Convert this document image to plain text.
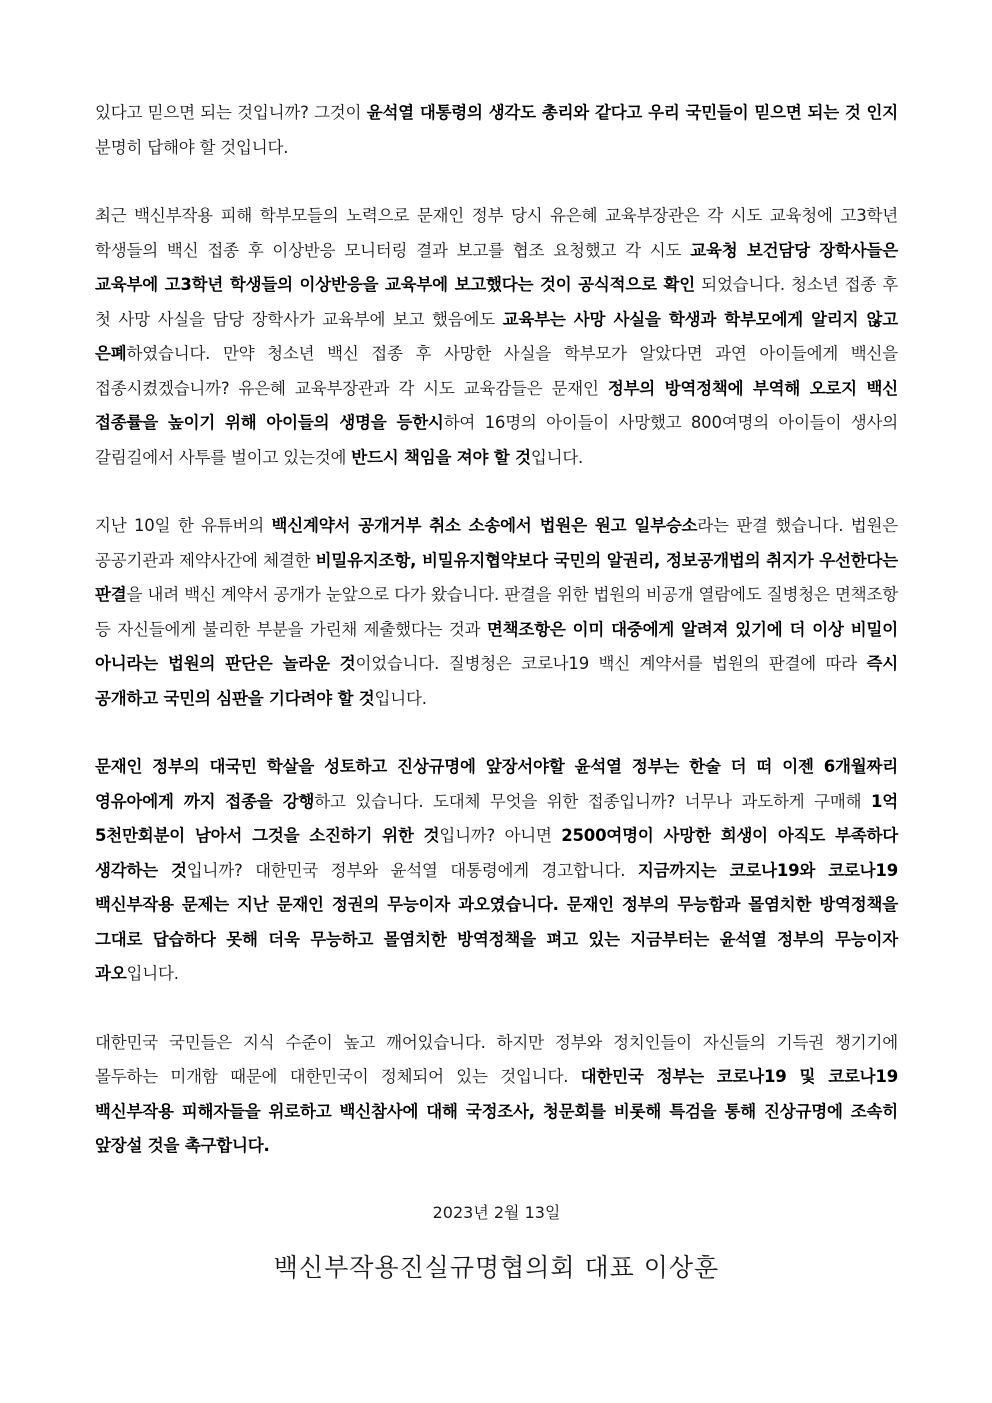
있다고 믿으면 되는 것입니까? 그것이 윤석열 대통령의 생각도 총리와 같다고 우리 국민들이 믿으면 되는 것 인지 분명히 답해야 할 것입니다.

최근 백신부작용 피해 학부모들의 노력으로 문재인 정부 당시 유은혜 교육부장관은 각 시도 교육청에 고3학년 학생들의 백신 접종 후 이상반응 모니터링 결과 보고를 협조 요청했고 각 시도 교육청 보건담당 장학사들은 교육부에 고3학년 학생들의 이상반응을 교육부에 보고했다는 것이 공식적으로 확인 되었습니다. 청소년 접종 후 첫 사망 사실을 담당 장학사가 교육부에 보고 했음에도 교육부는 사망 사실을 학생과 학부모에게 알리지 않고 은폐하였습니다. 만약 청소년 백신 접종 후 사망한 사실을 학부모가 알았다면 과연 아이들에게 백신을 접종시켰겠습니까? 유은혜 교육부장관과 각 시도 교육감들은 문재인 정부의 방역정책에 부역해 오로지 백신 접종률을 높이기 위해 아이들의 생명을 등한시하여 16명의 아이들이 사망했고 800여명의 아이들이 생사의 갈림길에서 사투를 벌이고 있는것에 반드시 책임을 져야 할 것입니다.

지난 10일 한 유튜버의 백신계약서 공개거부 취소 소송에서 법원은 원고 일부승소라는 판결 했습니다. 법원은 공공기관과 제약사간에 체결한 비밀유지조항, 비밀유지협약보다 국민의 알권리, 정보공개법의 취지가 우선한다는 판결을 내려 백신 계약서 공개가 눈앞으로 다가 왔습니다. 판결을 위한 법원의 비공개 열람에도 질병청은 면책조항 등 자신들에게 불리한 부분을 가린채 제출했다는 것과 면책조항은 이미 대중에게 알려져 있기에 더 이상 비밀이 아니라는 법원의 판단은 놀라운 것이었습니다. 질병청은 코로나19 백신 계약서를 법원의 판결에 따라 즉시 공개하고 국민의 심판을 기다려야 할 것입니다.

문재인 정부의 대국민 학살을 성토하고 진상규명에 앞장서야할 윤석열 정부는 한술 더 떠 이젠 6개월짜리 영유아에게 까지 접종을 강행하고 있습니다. 도대체 무엇을 위한 접종입니까? 너무나 과도하게 구매해 1억 5천만회분이 남아서 그것을 소진하기 위한 것입니까? 아니면 2500여명이 사망한 희생이 아직도 부족하다 생각하는 것입니까? 대한민국 정부와 윤석열 대통령에게 경고합니다. 지금까지는 코로나19와 코로나19 백신부작용 문제는 지난 문재인 정권의 무능이자 과오였습니다. 문재인 정부의 무능함과 몰염치한 방역정책을 그대로 답습하다 못해 더욱 무능하고 몰염치한 방역정책을 펴고 있는 지금부터는 윤석열 정부의 무능이자 과오입니다.

대한민국 국민들은 지식 수준이 높고 깨어있습니다. 하지만 정부와 정치인들이 자신들의 기득권 챙기기에 몰두하는 미개함 때문에 대한민국이 정체되어 있는 것입니다. 대한민국 정부는 코로나19 및 코로나19 백신부작용 피해자들을 위로하고 백신참사에 대해 국정조사, 청문회를 비롯해 특검을 통해 진상규명에 조속히 앞장설 것을 촉구합니다.

2023년 2월 13일
백신부작용진실규명협의회 대표 이상훈
